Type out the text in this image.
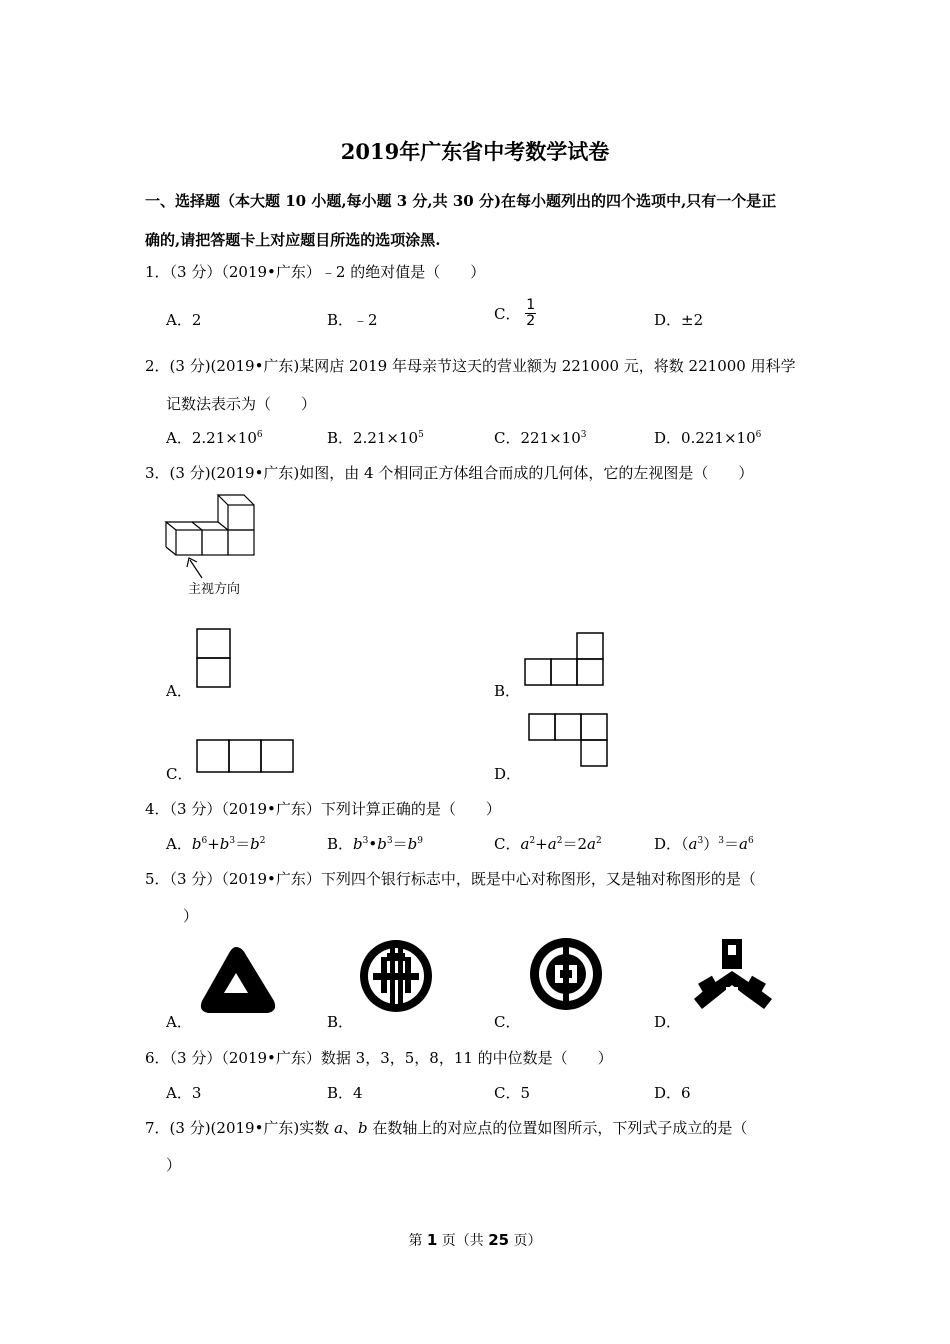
2019年广东省中考数学试卷
一、选择题（本大题 10 小题,每小题 3 分,共 30 分)在每小题列出的四个选项中,只有一个是正
确的,请把答题卡上对应题目所选的选项涂黑.
1．（3 分）（2019•广东）﹣2 的绝对值是（　　）
A．2	B．﹣2	C． $\frac{1}{2}$	D．±2
2．(3 分)(2019•广东)某网店 2019 年母亲节这天的营业额为 221000 元，将数 221000 用科学
记数法表示为（　　）
A．$2.21\times 10^6$	B．$2.21\times 10^5$	C．$221\times 10^3$	D．$0.221\times 10^6$
3．(3 分)(2019•广东)如图，由 4 个相同正方体组合而成的几何体，它的左视图是（　　）
主视方向
A．	B．
C．	D．
4．（3 分）（2019•广东）下列计算正确的是（　　）
A．$b^6+b^3=b^2$	B．$b^3•b^3=b^9$	C．$a^2+a^2=2a^2$	D．$(a^3)^3=a^6$
5．（3 分）（2019•广东）下列四个银行标志中，既是中心对称图形，又是轴对称图形的是（
）
A．	B．	C．	D．
6．（3 分）（2019•广东）数据 3，3，5，8，11 的中位数是（　　）
A．3	B．4	C．5	D．6
7．(3 分)(2019•广东)实数 a、b 在数轴上的对应点的位置如图所示，下列式子成立的是（
）
第 1 页（共 25 页）
